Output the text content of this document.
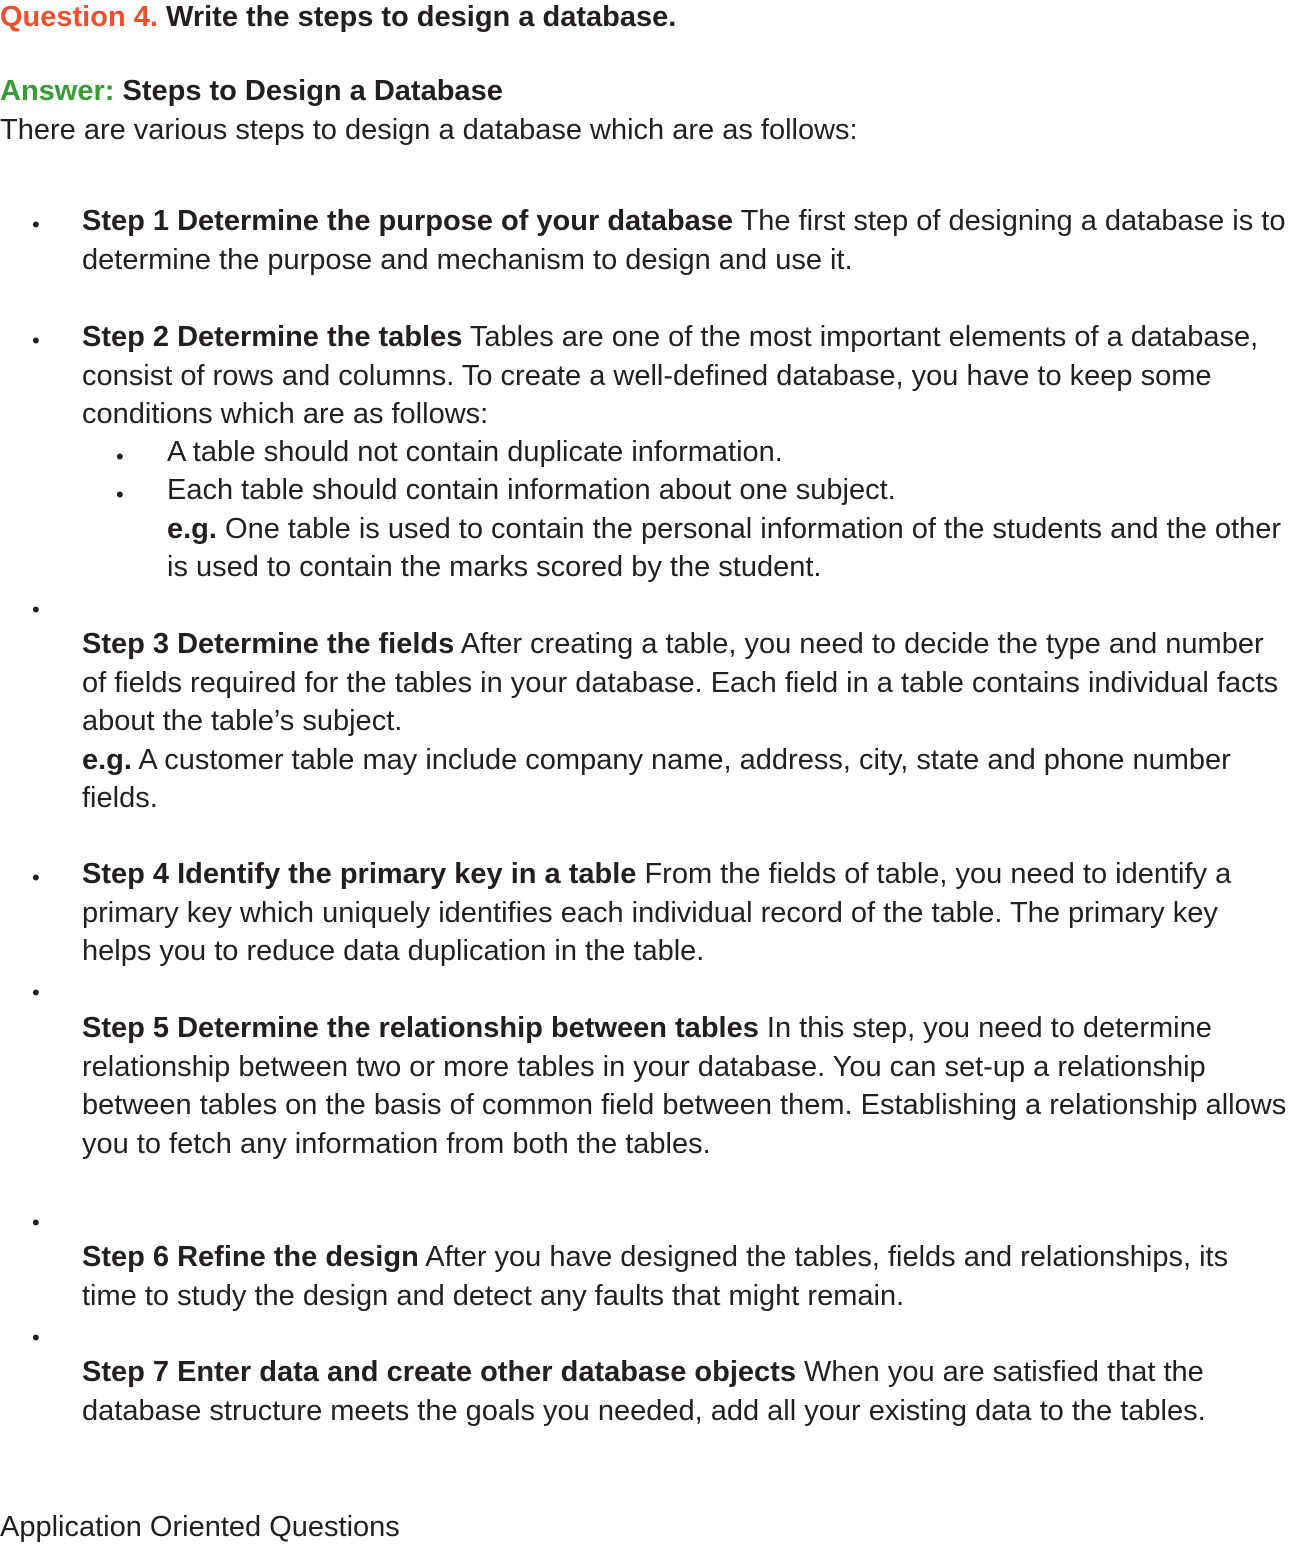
Question 4. Write the steps to design a database.
Answer: Steps to Design a Database
There are various steps to design a database which are as follows:
• Step 1 Determine the purpose of your database The first step of designing a database is to determine the purpose and mechanism to design and use it.
• Step 2 Determine the tables Tables are one of the most important elements of a database, consist of rows and columns. To create a well-defined database, you have to keep some conditions which are as follows:
• A table should not contain duplicate information.
• Each table should contain information about one subject.
e.g. One table is used to contain the personal information of the students and the other is used to contain the marks scored by the student.
•
Step 3 Determine the fields After creating a table, you need to decide the type and number of fields required for the tables in your database. Each field in a table contains individual facts about the table’s subject.
e.g. A customer table may include company name, address, city, state and phone number fields.
• Step 4 Identify the primary key in a table From the fields of table, you need to identify a primary key which uniquely identifies each individual record of the table. The primary key helps you to reduce data duplication in the table.
•
Step 5 Determine the relationship between tables In this step, you need to determine relationship between two or more tables in your database. You can set-up a relationship between tables on the basis of common field between them. Establishing a relationship allows you to fetch any information from both the tables.
•
Step 6 Refine the design After you have designed the tables, fields and relationships, its time to study the design and detect any faults that might remain.
•
Step 7 Enter data and create other database objects When you are satisfied that the database structure meets the goals you needed, add all your existing data to the tables.
Application Oriented Questions
